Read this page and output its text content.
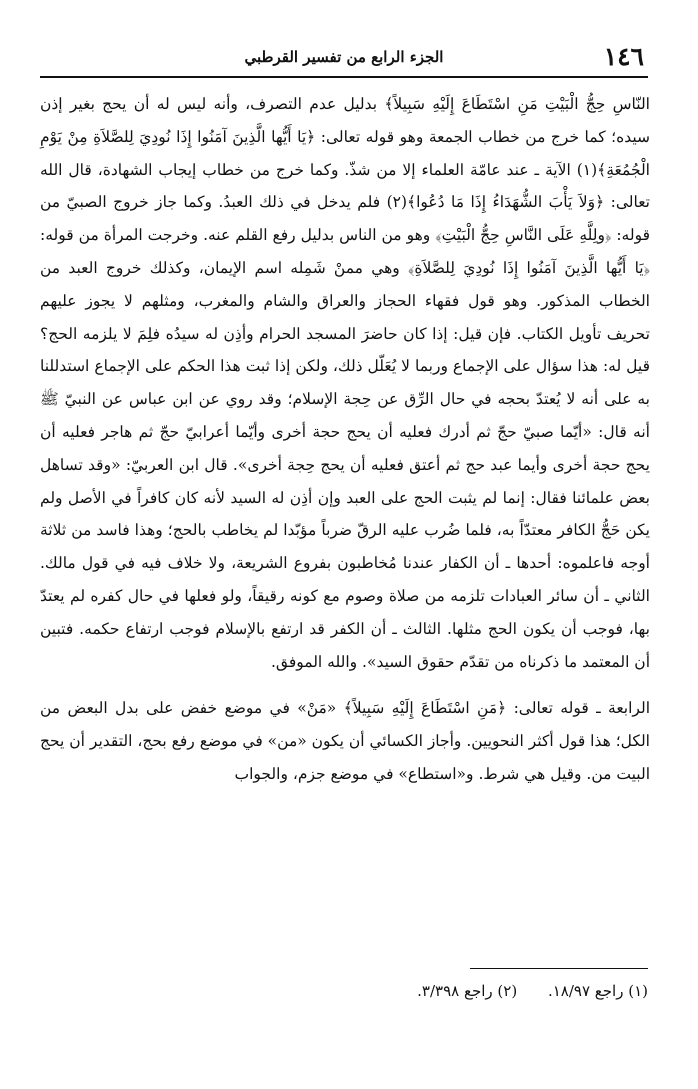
١٤٦
الجزء الرابع من تفسير القرطبي

النّاسِ حِجُّ الْبَيْتِ مَنِ اسْتَطَاعَ إِلَيْهِ سَبِيلاً﴾ بدليل عدم التصرف، وأنه ليس له أن يحج بغير إذن سيده؛ كما خرج من خطاب الجمعة وهو قوله تعالى: ﴿يَا أَيُّها الَّذِينَ آمَنُوا إِذَا نُودِيَ لِلصَّلاَةِ مِنْ يَوْمِ الْجُمُعَةِ﴾(١) الآية ـ عند عامّة العلماء إلا من شذّ. وكما خرج من خطاب إيجاب الشهادة، قال الله تعالى: ﴿وَلاَ يَأْبَ الشُّهَدَاءُ إِذَا مَا دُعُوا﴾(٢) فلم يدخل في ذلك العبدُ. وكما جاز خروج الصبيّ من قوله: ﴿ولِلَّهِ عَلَى النَّاسِ حِجُّ الْبَيْتِ﴾ وهو من الناس بدليل رفع القلم عنه. وخرجت المرأة من قوله: ﴿يَا أَيُّها الَّذِينَ آمَنُوا إِذَا نُودِيَ لِلصَّلاَةِ﴾ وهي ممنْ شَمِله اسم الإيمان، وكذلك خروج العبد من الخطاب المذكور. وهو قول فقهاء الحجاز والعراق والشام والمغرب، ومثلهم لا يجوز عليهم تحريف تأويل الكتاب. فإن قيل: إذا كان حاضرَ المسجد الحرام وأذِن له سيدُه فلِمَ لا يلزمه الحج؟ قيل له: هذا سؤال على الإجماع وربما لا يُعَلّل ذلك، ولكن إذا ثبت هذا الحكم على الإجماع استدللنا به على أنه لا يُعتدّ بحجه في حال الرِّق عن حِجة الإسلام؛ وقد روي عن ابن عباس عن النبيّ ﷺ أنه قال: «أيّما صبيّ حجّ ثم أدرك فعليه أن يحج حجة أخرى وأيّما أعرابيّ حجّ ثم هاجر فعليه أن يحج حجة أخرى وأيما عبد حج ثم أعتق فعليه أن يحج حِجة أخرى». قال ابن العربيّ: «وقد تساهل بعض علمائنا فقال: إنما لم يثبت الحج على العبد وإن أذِن له السيد لأنه كان كافراً في الأصل ولم يكن حَجُّ الكافر معتدّاً به، فلما ضُرب عليه الرقّ ضرباً مؤبّدا لم يخاطب بالحج؛ وهذا فاسد من ثلاثة أوجه فاعلموه: أحدها ـ أن الكفار عندنا مُخاطبون بفروع الشريعة، ولا خلاف فيه في قول مالك. الثاني ـ أن سائر العبادات تلزمه من صلاة وصوم مع كونه رقيقاً، ولو فعلها في حال كفره لم يعتدّ بها، فوجب أن يكون الحج مثلها. الثالث ـ أن الكفر قد ارتفع بالإسلام فوجب ارتفاع حكمه. فتبين أن المعتمد ما ذكرناه من تقدّم حقوق السيد». والله الموفق.

الرابعة ـ قوله تعالى: ﴿مَنِ اسْتَطَاعَ إِلَيْهِ سَبِيلاً﴾ «مَنْ» في موضع خفض على بدل البعض من الكل؛ هذا قول أكثر النحويين. وأجاز الكسائي أن يكون «من» في موضع رفع بحج، التقدير أن يحج البيت من. وقيل هي شرط. و«استطاع» في موضع جزم، والجواب

(١) راجع ١٨/٩٧. (٢) راجع ٣/٣٩٨.
